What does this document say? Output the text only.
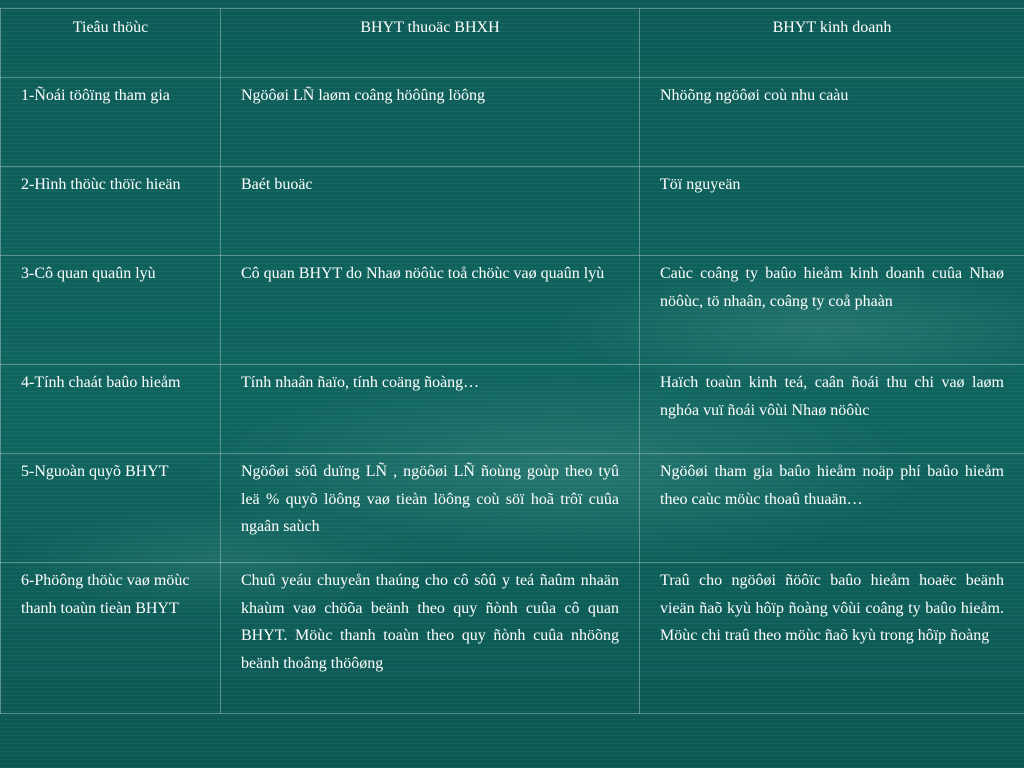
Tieâu thöùc	BHYT thuoäc BHXH	BHYT kinh doanh
1-Ñoái töôïng tham gia	Ngöôøi LÑ laøm coâng höôûng löông	Nhöõng ngöôøi coù nhu caàu
2-Hình thöùc thöïc hieän	Baét buoäc	Töï nguyeän
3-Cô quan quaûn lyù	Cô quan BHYT do Nhaø nöôùc toå chöùc vaø quaûn lyù	Caùc coâng ty baûo hieåm kinh doanh cuûa Nhaø nöôùc, tö nhaân, coâng ty coå phaàn
4-Tính chaát baûo hieåm	Tính nhaân ñaïo, tính coäng ñoàng…	Haïch toaùn kinh teá, caân ñoái thu chi vaø laøm nghóa vuï ñoái vôùi Nhaø nöôùc
5-Nguoàn quyõ BHYT	Ngöôøi söû duïng LÑ , ngöôøi LÑ ñoùng goùp theo tyû leä % quyõ löông vaø tieàn löông coù söï hoã trôï cuûa ngaân saùch	Ngöôøi tham gia baûo hieåm noäp phí baûo hieåm theo caùc möùc thoaû thuaän…
6-Phöông thöùc vaø möùc thanh toaùn tieàn BHYT	Chuû yeáu chuyeån thaúng cho cô sôû y teá ñaûm nhaän khaùm vaø chöõa beänh theo quy ñònh cuûa cô quan BHYT. Möùc thanh toaùn theo quy ñònh cuûa nhöõng beänh thoâng thöôøng	Traû cho ngöôøi ñöôïc baûo hieåm hoaëc beänh vieän ñaõ kyù hôïp ñoàng vôùi coâng ty baûo hieåm. Möùc chi traû theo möùc ñaõ kyù trong hôïp ñoàng
